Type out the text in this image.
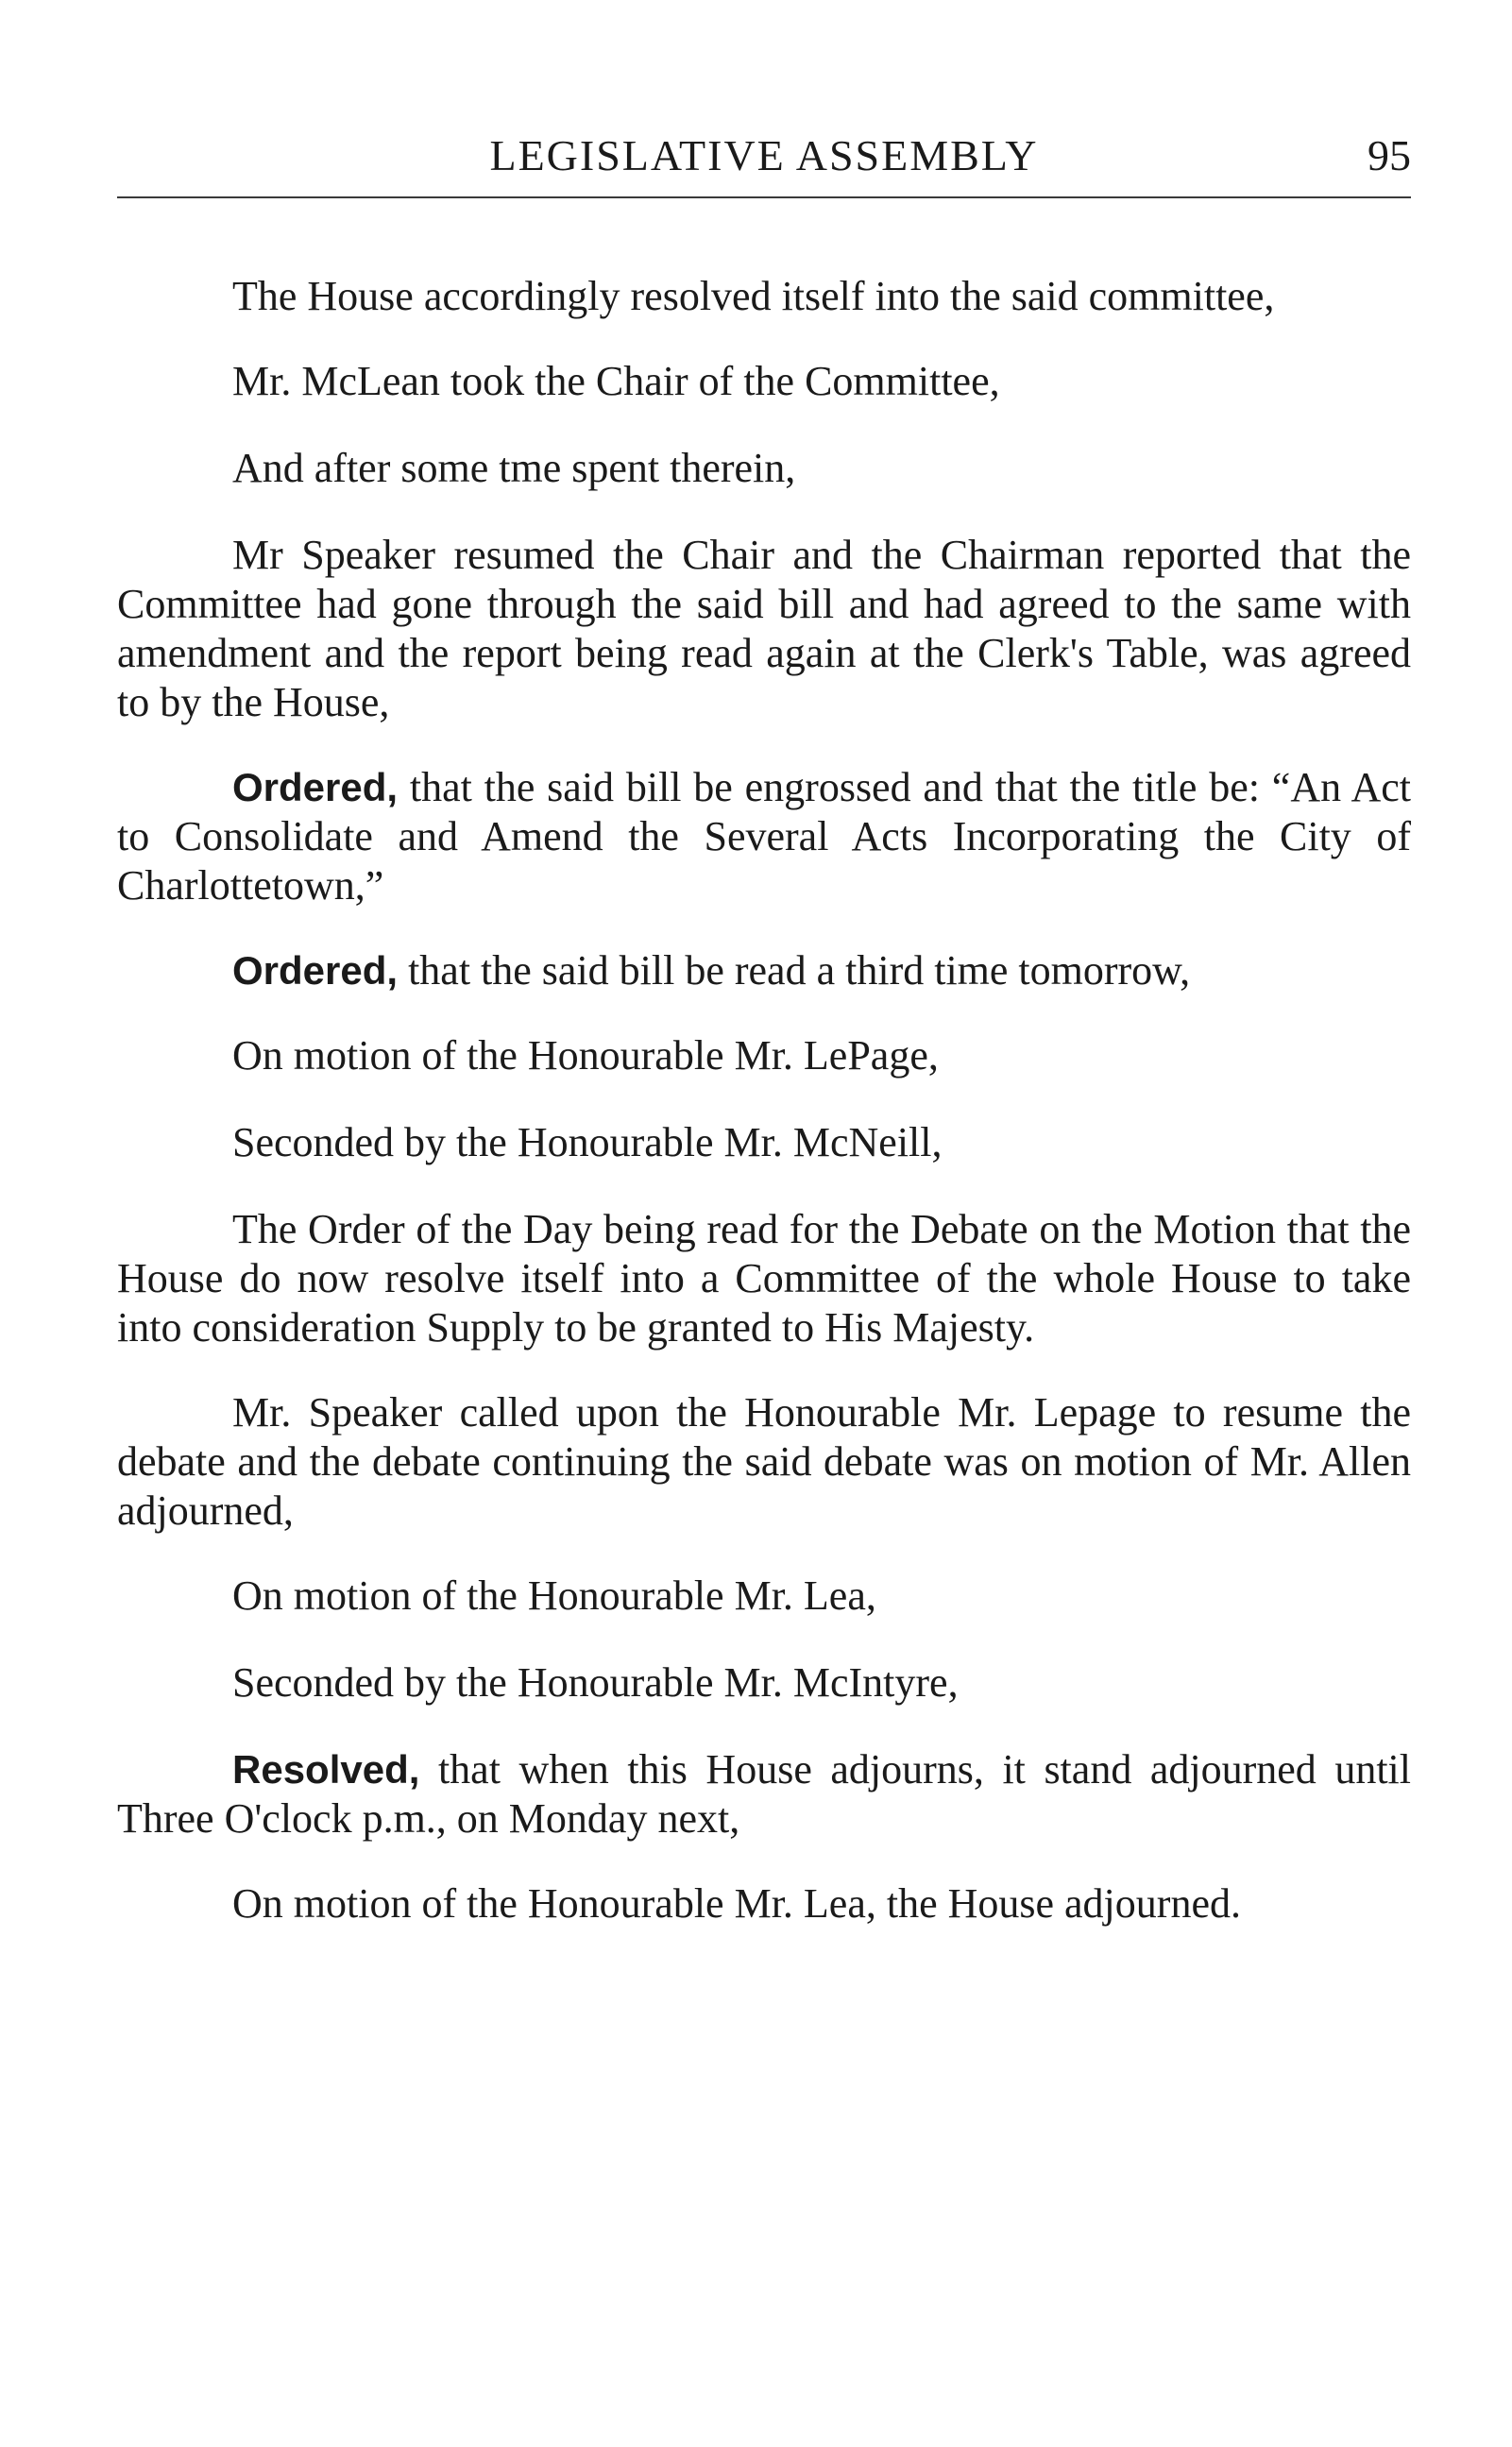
LEGISLATIVE ASSEMBLY	95

The House accordingly resolved itself into the said committee,

Mr. McLean took the Chair of the Committee,

And after some tme spent therein,

Mr Speaker resumed the Chair and the Chairman reported that the Committee had gone through the said bill and had agreed to the same with amendment and the report being read again at the Clerk's Table, was agreed to by the House,

Ordered, that the said bill be engrossed and that the title be: “An Act to Consolidate and Amend the Several Acts Incorporating the City of Charlottetown,”

Ordered, that the said bill be read a third time tomorrow,

On motion of the Honourable Mr. LePage,

Seconded by the Honourable Mr. McNeill,

The Order of the Day being read for the Debate on the Motion that the House do now resolve itself into a Committee of the whole House to take into consideration Supply to be granted to His Majesty.

Mr. Speaker called upon the Honourable Mr. Lepage to resume the debate and the debate continuing the said debate was on motion of Mr. Allen adjourned,

On motion of the Honourable Mr. Lea,

Seconded by the Honourable Mr. McIntyre,

Resolved, that when this House adjourns, it stand adjourned until Three O'clock p.m., on Monday next,

On motion of the Honourable Mr. Lea, the House adjourned.
